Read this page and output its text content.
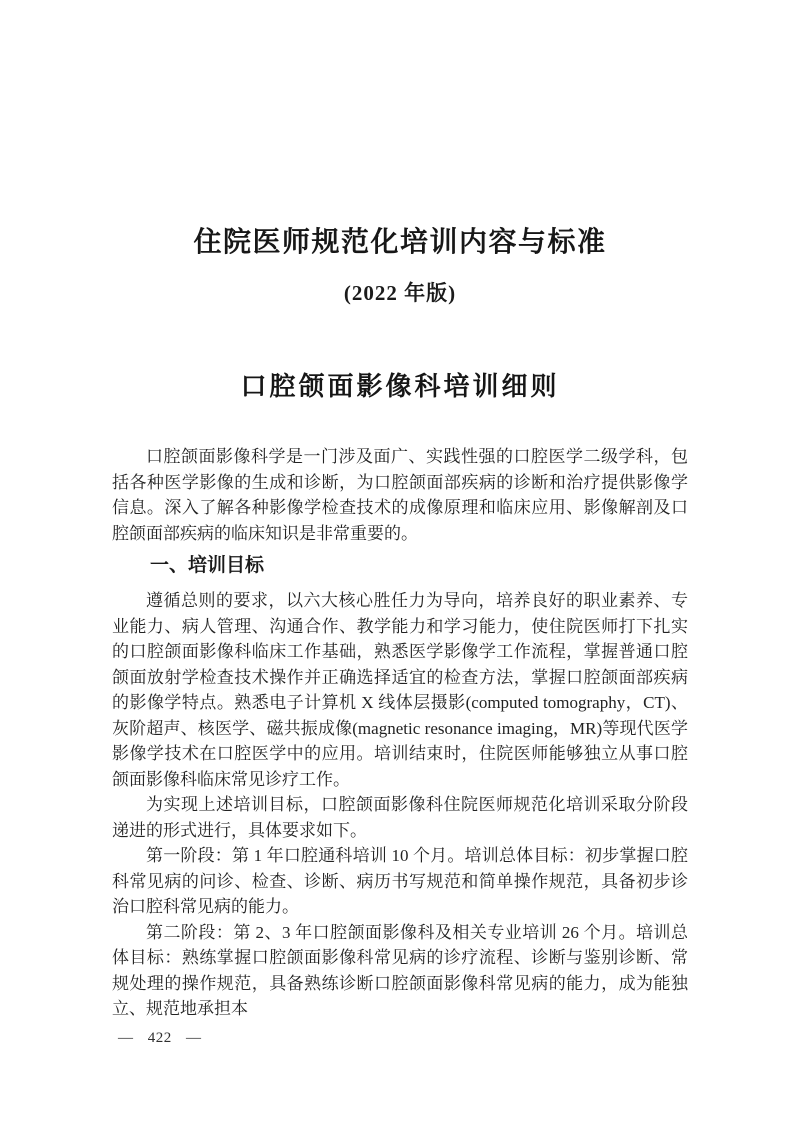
住院医师规范化培训内容与标准
(2022 年版)
口腔颌面影像科培训细则

口腔颌面影像科学是一门涉及面广、实践性强的口腔医学二级学科，包括各种医学影像的生成和诊断，为口腔颌面部疾病的诊断和治疗提供影像学信息。深入了解各种影像学检查技术的成像原理和临床应用、影像解剖及口腔颌面部疾病的临床知识是非常重要的。

一、培训目标

遵循总则的要求，以六大核心胜任力为导向，培养良好的职业素养、专业能力、病人管理、沟通合作、教学能力和学习能力，使住院医师打下扎实的口腔颌面影像科临床工作基础，熟悉医学影像学工作流程，掌握普通口腔颌面放射学检查技术操作并正确选择适宜的检查方法，掌握口腔颌面部疾病的影像学特点。熟悉电子计算机 X 线体层摄影(computed tomography，CT)、灰阶超声、核医学、磁共振成像(magnetic resonance imaging，MR)等现代医学影像学技术在口腔医学中的应用。培训结束时，住院医师能够独立从事口腔颌面影像科临床常见诊疗工作。

为实现上述培训目标，口腔颌面影像科住院医师规范化培训采取分阶段递进的形式进行，具体要求如下。

第一阶段：第 1 年口腔通科培训 10 个月。培训总体目标：初步掌握口腔科常见病的问诊、检查、诊断、病历书写规范和简单操作规范，具备初步诊治口腔科常见病的能力。

第二阶段：第 2、3 年口腔颌面影像科及相关专业培训 26 个月。培训总体目标：熟练掌握口腔颌面影像科常见病的诊疗流程、诊断与鉴别诊断、常规处理的操作规范，具备熟练诊断口腔颌面影像科常见病的能力，成为能独立、规范地承担本

— 422 —
